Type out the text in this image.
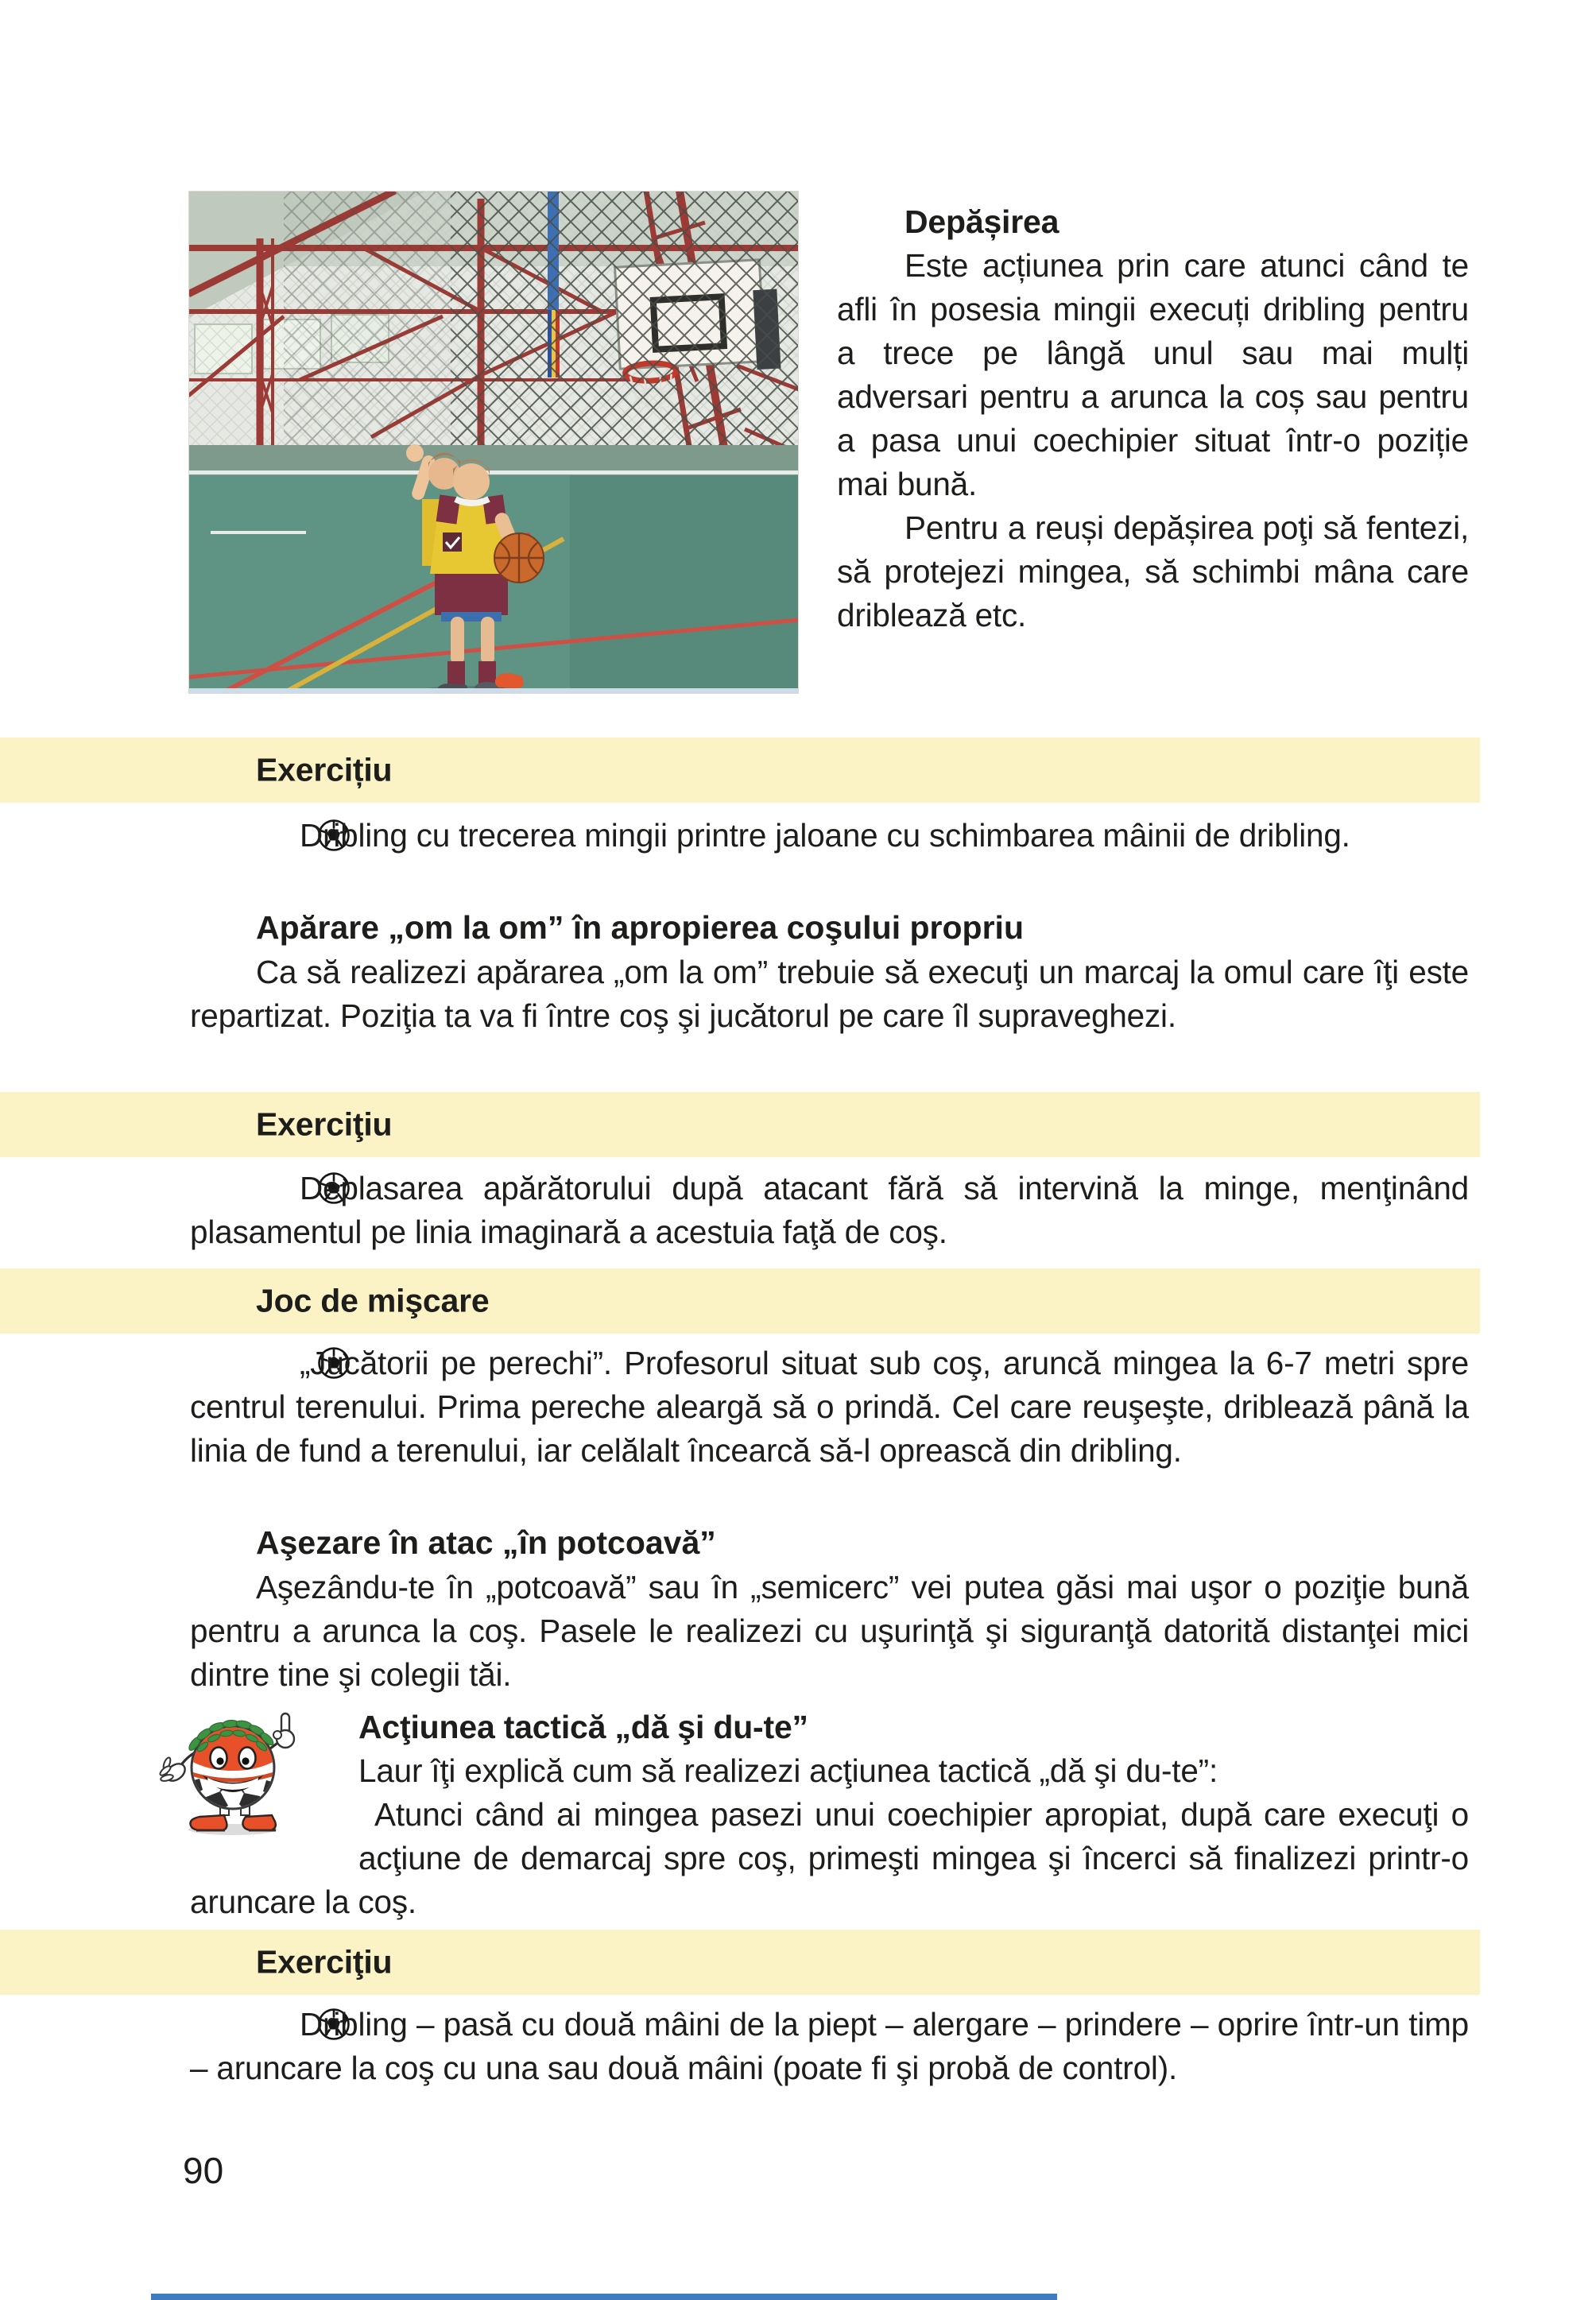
Depășirea

Este acțiunea prin care atunci când te afli în posesia mingii execuți dribling pentru a trece pe lângă unul sau mai mulți adversari pentru a arunca la coș sau pentru a pasa unui coechipier situat într-o poziție mai bună.

Pentru a reuși depășirea poţi să fentezi, să protejezi mingea, să schimbi mâna care driblează etc.

Exercițiu

Dribling cu trecerea mingii printre jaloane cu schimbarea mâinii de dribling.

Apărare „om la om” în apropierea coşului propriu

Ca să realizezi apărarea „om la om” trebuie să execuţi un marcaj la omul care îţi este repartizat. Poziţia ta va fi între coş şi jucătorul pe care îl supraveghezi.

Exerciţiu

Deplasarea apărătorului după atacant fără să intervină la minge, menţinând plasamentul pe linia imaginară a acestuia faţă de coş.

Joc de mişcare

„Jucătorii pe perechi”. Profesorul situat sub coş, aruncă mingea la 6-7 metri spre centrul terenului. Prima pereche aleargă să o prindă. Cel care reuşeşte, driblează până la linia de fund a terenului, iar celălalt încearcă să-l oprească din dribling.

Aşezare în atac „în potcoavă”

Aşezându-te în „potcoavă” sau în „semicerc” vei putea găsi mai uşor o poziţie bună pentru a arunca la coş. Pasele le realizezi cu uşurinţă şi siguranţă datorită distanţei mici dintre tine şi colegii tăi.

Acţiunea tactică „dă şi du-te”

Laur îţi explică cum să realizezi acţiunea tactică „dă şi du-te”:

Atunci când ai mingea pasezi unui coechipier apropiat, după care execuţi o acţiune de demarcaj spre coş, primeşti mingea şi încerci să finalizezi printr-o aruncare la coş.

Exerciţiu

Dribling – pasă cu două mâini de la piept – alergare – prindere – oprire într-un timp – aruncare la coş cu una sau două mâini (poate fi şi probă de control).

90
